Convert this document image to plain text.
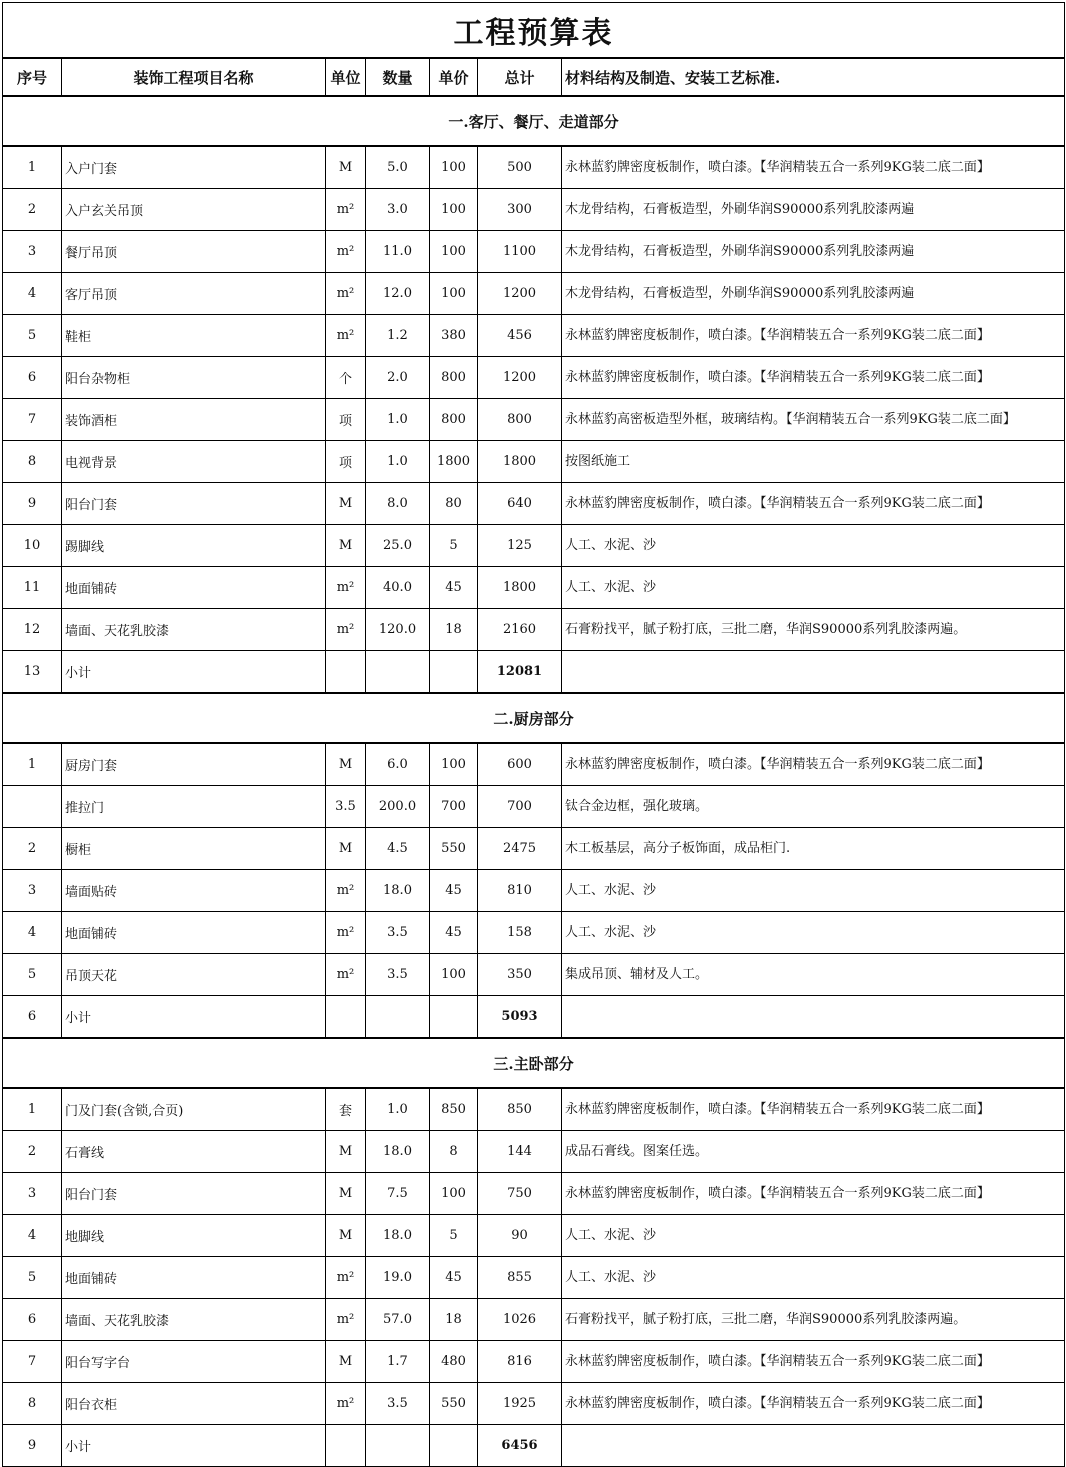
工程预算表						
序号	装饰工程项目名称	单位	数量	单价	总计	材料结构及制造、安装工艺标准.
一.客厅、餐厅、走道部分						
1	入户门套	M	5.0	100	500	永林蓝豹牌密度板制作，喷白漆。【华润精装五合一系列9KG装二底二面】
2	入户玄关吊顶	m²	3.0	100	300	木龙骨结构，石膏板造型，外刷华润S90000系列乳胶漆两遍
3	餐厅吊顶	m²	11.0	100	1100	木龙骨结构，石膏板造型，外刷华润S90000系列乳胶漆两遍
4	客厅吊顶	m²	12.0	100	1200	木龙骨结构，石膏板造型，外刷华润S90000系列乳胶漆两遍
5	鞋柜	m²	1.2	380	456	永林蓝豹牌密度板制作，喷白漆。【华润精装五合一系列9KG装二底二面】
6	阳台杂物柜	个	2.0	800	1200	永林蓝豹牌密度板制作，喷白漆。【华润精装五合一系列9KG装二底二面】
7	装饰酒柜	项	1.0	800	800	永林蓝豹高密板造型外框，玻璃结构。【华润精装五合一系列9KG装二底二面】
8	电视背景	项	1.0	1800	1800	按图纸施工
9	阳台门套	M	8.0	80	640	永林蓝豹牌密度板制作，喷白漆。【华润精装五合一系列9KG装二底二面】
10	踢脚线	M	25.0	5	125	人工、水泥、沙
11	地面铺砖	m²	40.0	45	1800	人工、水泥、沙
12	墙面、天花乳胶漆	m²	120.0	18	2160	石膏粉找平，腻子粉打底，三批二磨，华润S90000系列乳胶漆两遍。
13	小计				12081	
二.厨房部分						
1	厨房门套	M	6.0	100	600	永林蓝豹牌密度板制作，喷白漆。【华润精装五合一系列9KG装二底二面】
	推拉门	3.5	200.0	700	700	钛合金边框，强化玻璃。
2	橱柜	M	4.5	550	2475	木工板基层，高分子板饰面，成品柜门.
3	墙面贴砖	m²	18.0	45	810	人工、水泥、沙
4	地面铺砖	m²	3.5	45	158	人工、水泥、沙
5	吊顶天花	m²	3.5	100	350	集成吊顶、辅材及人工。
6	小计				5093	
三.主卧部分						
1	门及门套(含锁,合页)	套	1.0	850	850	永林蓝豹牌密度板制作，喷白漆。【华润精装五合一系列9KG装二底二面】
2	石膏线	M	18.0	8	144	成品石膏线。图案任选。
3	阳台门套	M	7.5	100	750	永林蓝豹牌密度板制作，喷白漆。【华润精装五合一系列9KG装二底二面】
4	地脚线	M	18.0	5	90	人工、水泥、沙
5	地面铺砖	m²	19.0	45	855	人工、水泥、沙
6	墙面、天花乳胶漆	m²	57.0	18	1026	石膏粉找平，腻子粉打底，三批二磨，华润S90000系列乳胶漆两遍。
7	阳台写字台	M	1.7	480	816	永林蓝豹牌密度板制作，喷白漆。【华润精装五合一系列9KG装二底二面】
8	阳台衣柜	m²	3.5	550	1925	永林蓝豹牌密度板制作，喷白漆。【华润精装五合一系列9KG装二底二面】
9	小计				6456	
